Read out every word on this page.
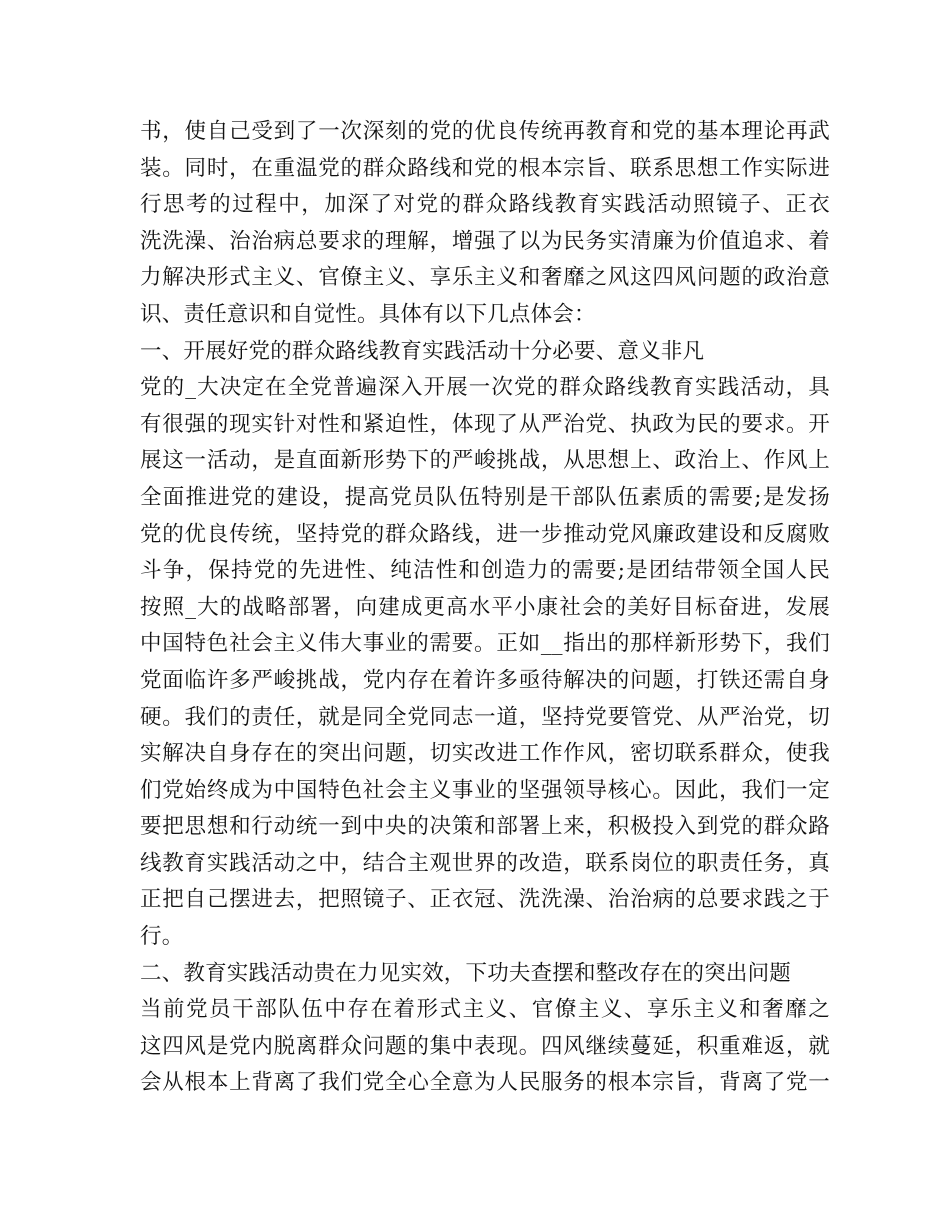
书，使自己受到了一次深刻的党的优良传统再教育和党的基本理论再武
装。同时，在重温党的群众路线和党的根本宗旨、联系思想工作实际进
行思考的过程中，加深了对党的群众路线教育实践活动照镜子、正衣
洗洗澡、治治病总要求的理解，增强了以为民务实清廉为价值追求、着
力解决形式主义、官僚主义、享乐主义和奢靡之风这四风问题的政治意
识、责任意识和自觉性。具体有以下几点体会：
一、开展好党的群众路线教育实践活动十分必要、意义非凡
党的_大决定在全党普遍深入开展一次党的群众路线教育实践活动，具
有很强的现实针对性和紧迫性，体现了从严治党、执政为民的要求。开
展这一活动，是直面新形势下的严峻挑战，从思想上、政治上、作风上
全面推进党的建设，提高党员队伍特别是干部队伍素质的需要;是发扬
党的优良传统，坚持党的群众路线，进一步推动党风廉政建设和反腐败
斗争，保持党的先进性、纯洁性和创造力的需要;是团结带领全国人民
按照_大的战略部署，向建成更高水平小康社会的美好目标奋进，发展
中国特色社会主义伟大事业的需要。正如__指出的那样新形势下，我们
党面临许多严峻挑战，党内存在着许多亟待解决的问题，打铁还需自身
硬。我们的责任，就是同全党同志一道，坚持党要管党、从严治党，切
实解决自身存在的突出问题，切实改进工作作风，密切联系群众，使我
们党始终成为中国特色社会主义事业的坚强领导核心。因此，我们一定
要把思想和行动统一到中央的决策和部署上来，积极投入到党的群众路
线教育实践活动之中，结合主观世界的改造，联系岗位的职责任务，真
正把自己摆进去，把照镜子、正衣冠、洗洗澡、治治病的总要求践之于
行。
二、教育实践活动贵在力见实效，下功夫查摆和整改存在的突出问题
当前党员干部队伍中存在着形式主义、官僚主义、享乐主义和奢靡之
这四风是党内脱离群众问题的集中表现。四风继续蔓延，积重难返，就
会从根本上背离了我们党全心全意为人民服务的根本宗旨，背离了党一
